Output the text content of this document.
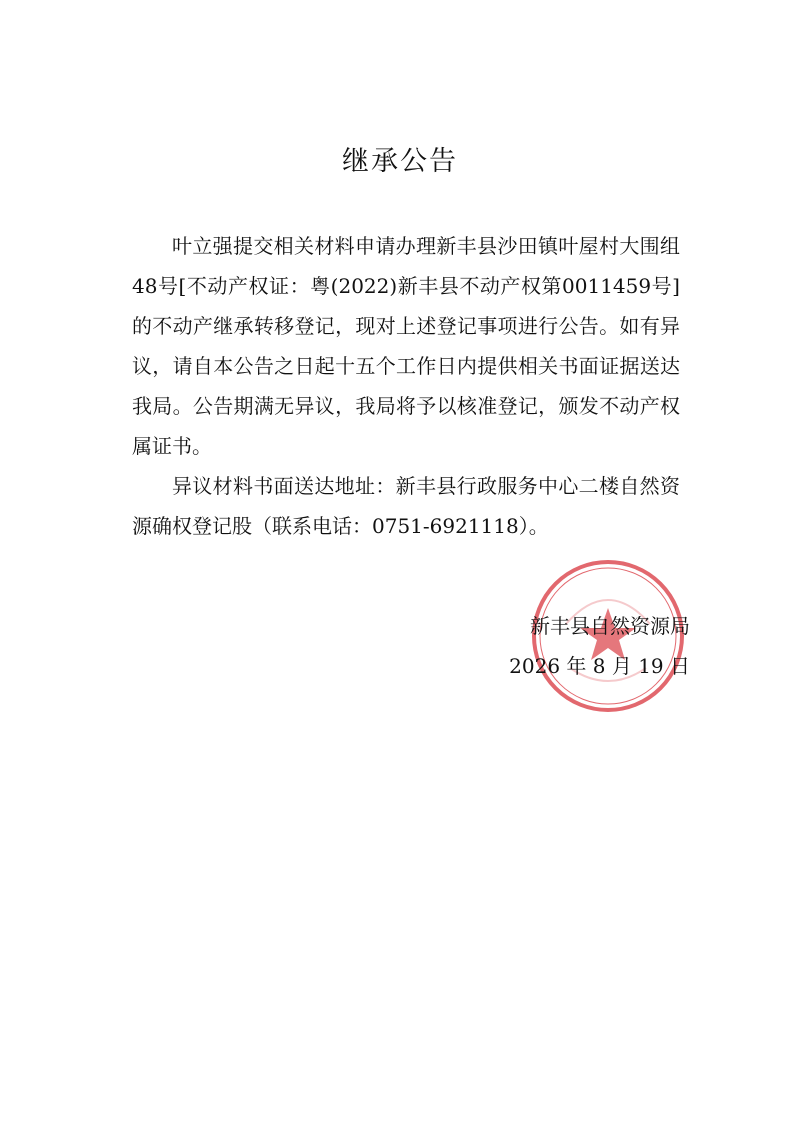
继承公告

叶立强提交相关材料申请办理新丰县沙田镇叶屋村大围组48号[不动产权证：粤(2022)新丰县不动产权第0011459号]的不动产继承转移登记，现对上述登记事项进行公告。如有异议，请自本公告之日起十五个工作日内提供相关书面证据送达我局。公告期满无异议，我局将予以核准登记，颁发不动产权属证书。

异议材料书面送达地址：新丰县行政服务中心二楼自然资源确权登记股（联系电话：0751-6921118）。

新丰县自然资源局
2026 年 8 月 19 日
